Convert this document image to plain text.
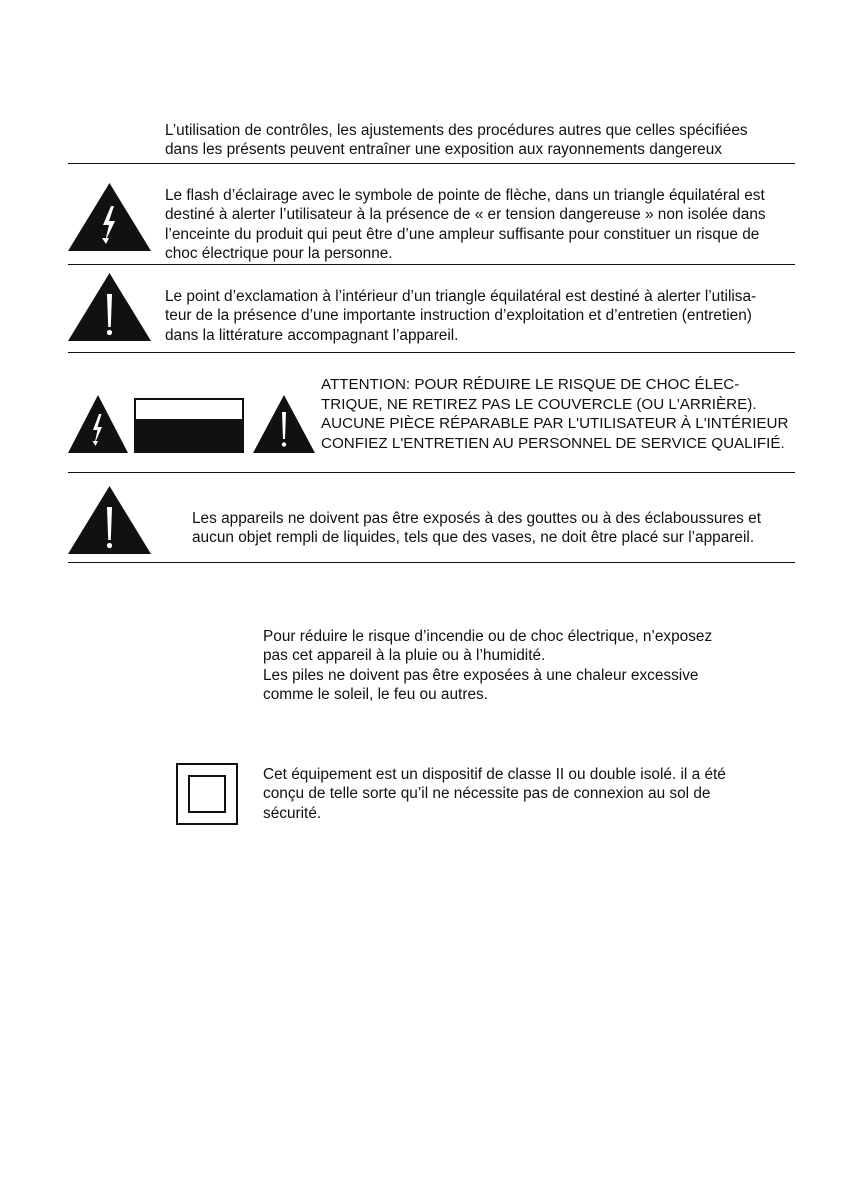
L’utilisation de contrôles, les ajustements des procédures autres que celles spécifiées
dans les présents peuvent entraîner une exposition aux rayonnements dangereux
Le flash d’éclairage avec le symbole de pointe de flèche, dans un triangle équilatéral est
destiné à alerter l’utilisateur à la présence de « er tension dangereuse » non isolée dans
l’enceinte du produit qui peut être d’une ampleur suffisante pour constituer un risque de
choc électrique pour la personne.
Le point d’exclamation à l’intérieur d’un triangle équilatéral est destiné à alerter l’utilisa-
teur de la présence d’une importante instruction d’exploitation et d’entretien (entretien)
dans la littérature accompagnant l’appareil.
ATTENTION: POUR RÉDUIRE LE RISQUE DE CHOC ÉLEC-
TRIQUE, NE RETIREZ PAS LE COUVERCLE (OU L'ARRIÈRE).
AUCUNE PIÈCE RÉPARABLE PAR L'UTILISATEUR À L'INTÉRIEUR
CONFIEZ L'ENTRETIEN AU PERSONNEL DE SERVICE QUALIFIÉ.
Les appareils ne doivent pas être exposés à des gouttes ou à des éclaboussures et
aucun objet rempli de liquides, tels que des vases, ne doit être placé sur l’appareil.
Pour réduire le risque d’incendie ou de choc électrique, n’exposez
pas cet appareil à la pluie ou à l’humidité.
Les piles ne doivent pas être exposées à une chaleur excessive
comme le soleil, le feu ou autres.
Cet équipement est un dispositif de classe II ou double isolé. il a été
conçu de telle sorte qu’il ne nécessite pas de connexion au sol de
sécurité.
